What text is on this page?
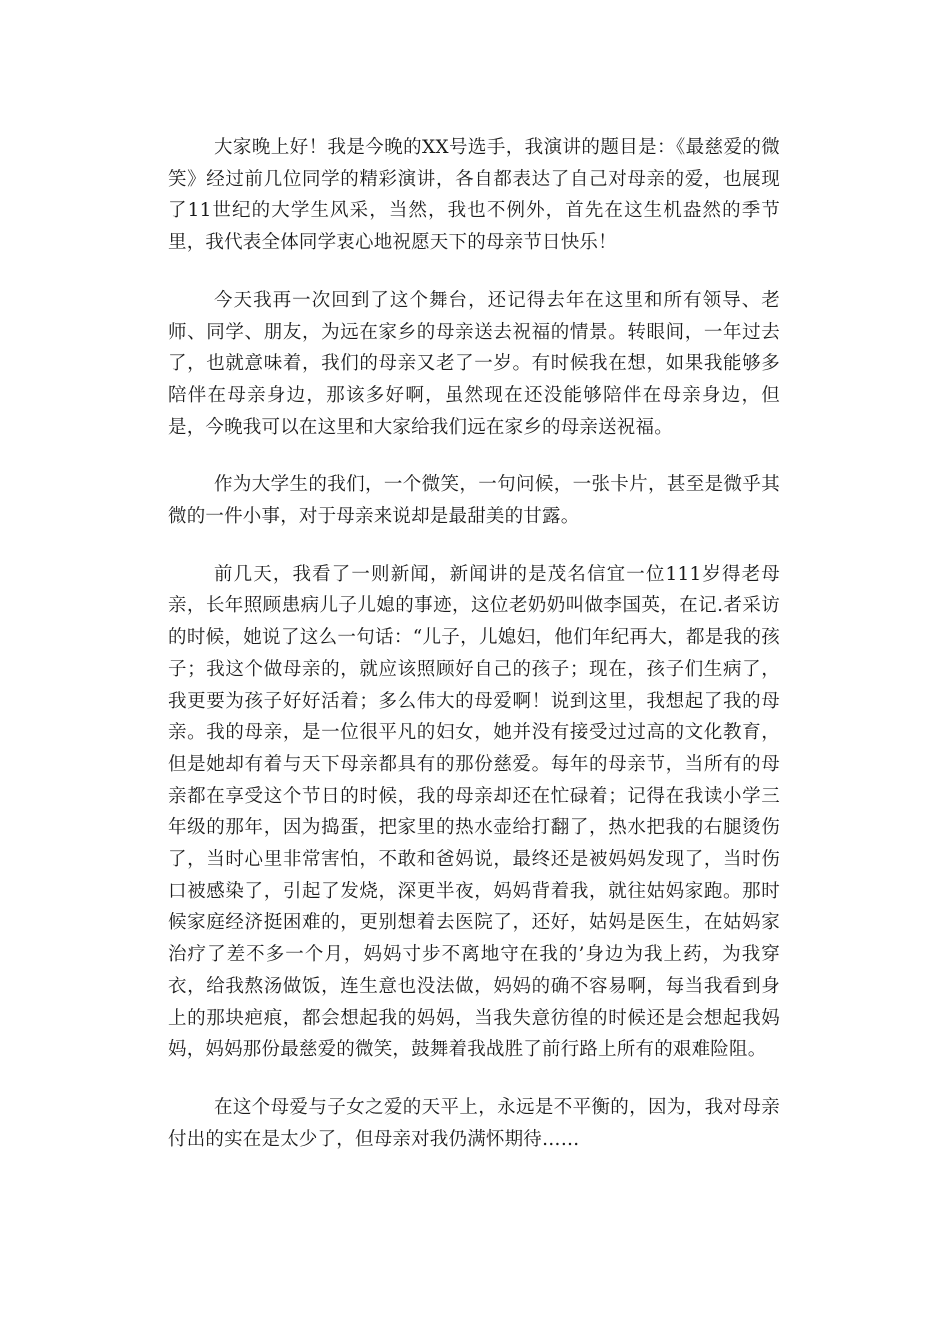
大家晚上好！我是今晚的XX号选手，我演讲的题目是：《最慈爱的微笑》经过前几位同学的精彩演讲，各自都表达了自己对母亲的爱，也展现了11世纪的大学生风采，当然，我也不例外，首先在这生机盎然的季节里，我代表全体同学衷心地祝愿天下的母亲节日快乐！

今天我再一次回到了这个舞台，还记得去年在这里和所有领导、老师、同学、朋友，为远在家乡的母亲送去祝福的情景。转眼间，一年过去了，也就意味着，我们的母亲又老了一岁。有时候我在想，如果我能够多陪伴在母亲身边，那该多好啊，虽然现在还没能够陪伴在母亲身边，但是，今晚我可以在这里和大家给我们远在家乡的母亲送祝福。

作为大学生的我们，一个微笑，一句问候，一张卡片，甚至是微乎其微的一件小事，对于母亲来说却是最甜美的甘露。

前几天，我看了一则新闻，新闻讲的是茂名信宜一位111岁得老母亲，长年照顾患病儿子儿媳的事迹，这位老奶奶叫做李国英，在记.者采访的时候，她说了这么一句话：“儿子，儿媳妇，他们年纪再大，都是我的孩子；我这个做母亲的，就应该照顾好自己的孩子；现在，孩子们生病了，我更要为孩子好好活着；多么伟大的母爱啊！说到这里，我想起了我的母亲。我的母亲，是一位很平凡的妇女，她并没有接受过过高的文化教育，但是她却有着与天下母亲都具有的那份慈爱。每年的母亲节，当所有的母亲都在享受这个节日的时候，我的母亲却还在忙碌着；记得在我读小学三年级的那年，因为捣蛋，把家里的热水壶给打翻了，热水把我的右腿烫伤了，当时心里非常害怕，不敢和爸妈说，最终还是被妈妈发现了，当时伤口被感染了，引起了发烧，深更半夜，妈妈背着我，就往姑妈家跑。那时候家庭经济挺困难的，更别想着去医院了，还好，姑妈是医生，在姑妈家治疗了差不多一个月，妈妈寸步不离地守在我的’身边为我上药，为我穿衣，给我熬汤做饭，连生意也没法做，妈妈的确不容易啊，每当我看到身上的那块疤痕，都会想起我的妈妈，当我失意彷徨的时候还是会想起我妈妈，妈妈那份最慈爱的微笑，鼓舞着我战胜了前行路上所有的艰难险阻。

在这个母爱与子女之爱的天平上，永远是不平衡的，因为，我对母亲付出的实在是太少了，但母亲对我仍满怀期待……
